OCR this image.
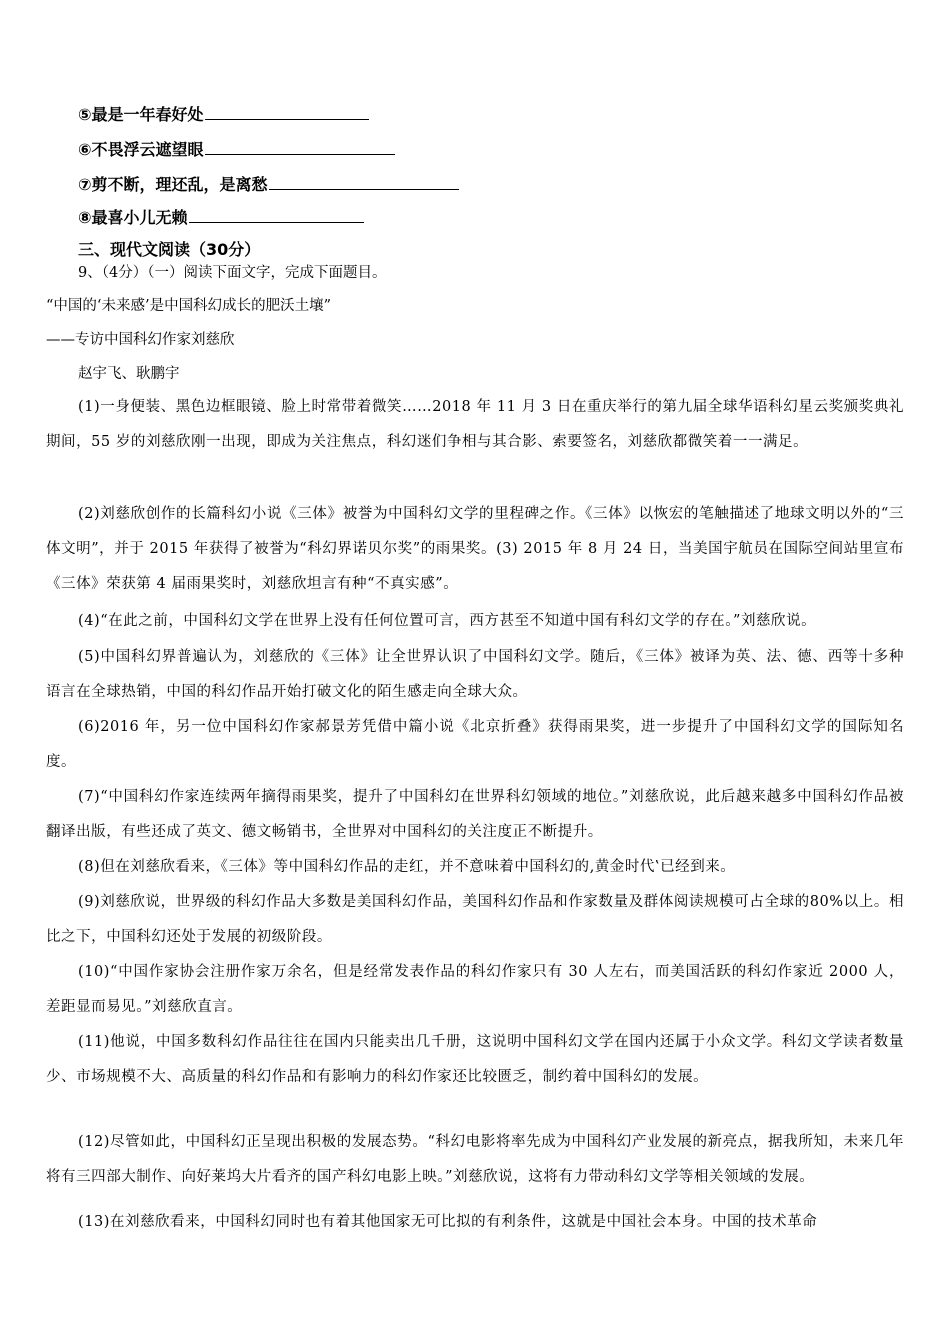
⑤最是一年春好处
⑥不畏浮云遮望眼
⑦剪不断，理还乱，是离愁
⑧最喜小儿无赖
三、现代文阅读（30分）
9、（4分）（一）阅读下面文字，完成下面题目。
“中国的‘未来感’是中国科幻成长的肥沃土壤”
——专访中国科幻作家刘慈欣
赵宇飞、耿鹏宇
(1)一身便装、黑色边框眼镜、脸上时常带着微笑……2018 年 11 月 3 日在重庆举行的第九届全球华语科幻星云奖颁奖典礼期间，55 岁的刘慈欣刚一出现，即成为关注焦点，科幻迷们争相与其合影、索要签名，刘慈欣都微笑着一一满足。
(2)刘慈欣创作的长篇科幻小说《三体》被誉为中国科幻文学的里程碑之作。《三体》以恢宏的笔触描述了地球文明以外的“三体文明”，并于 2015 年获得了被誉为“科幻界诺贝尔奖”的雨果奖。(3) 2015 年 8 月 24 日，当美国宇航员在国际空间站里宣布《三体》荣获第 4 届雨果奖时，刘慈欣坦言有种“不真实感”。
(4)“在此之前，中国科幻文学在世界上没有任何位置可言，西方甚至不知道中国有科幻文学的存在。”刘慈欣说。
(5)中国科幻界普遍认为，刘慈欣的《三体》让全世界认识了中国科幻文学。随后，《三体》被译为英、法、德、西等十多种语言在全球热销，中国的科幻作品开始打破文化的陌生感走向全球大众。
(6)2016 年，另一位中国科幻作家郝景芳凭借中篇小说《北京折叠》获得雨果奖，进一步提升了中国科幻文学的国际知名度。
(7)“中国科幻作家连续两年摘得雨果奖，提升了中国科幻在世界科幻领域的地位。”刘慈欣说，此后越来越多中国科幻作品被翻译出版，有些还成了英文、德文畅销书，全世界对中国科幻的关注度正不断提升。
(8)但在刘慈欣看来，《三体》等中国科幻作品的走红，并不意味着中国科幻的‚黄金时代‛已经到来。
(9)刘慈欣说，世界级的科幻作品大多数是美国科幻作品，美国科幻作品和作家数量及群体阅读规模可占全球的80%以上。相比之下，中国科幻还处于发展的初级阶段。
(10)“中国作家协会注册作家万余名，但是经常发表作品的科幻作家只有 30 人左右，而美国活跃的科幻作家近 2000 人，差距显而易见。”刘慈欣直言。
(11)他说，中国多数科幻作品往往在国内只能卖出几千册，这说明中国科幻文学在国内还属于小众文学。科幻文学读者数量少、市场规模不大、高质量的科幻作品和有影响力的科幻作家还比较匮乏，制约着中国科幻的发展。
(12)尽管如此，中国科幻正呈现出积极的发展态势。“科幻电影将率先成为中国科幻产业发展的新亮点，据我所知，未来几年将有三四部大制作、向好莱坞大片看齐的国产科幻电影上映。”刘慈欣说，这将有力带动科幻文学等相关领域的发展。
(13)在刘慈欣看来，中国科幻同时也有着其他国家无可比拟的有利条件，这就是中国社会本身。中国的技术革命
